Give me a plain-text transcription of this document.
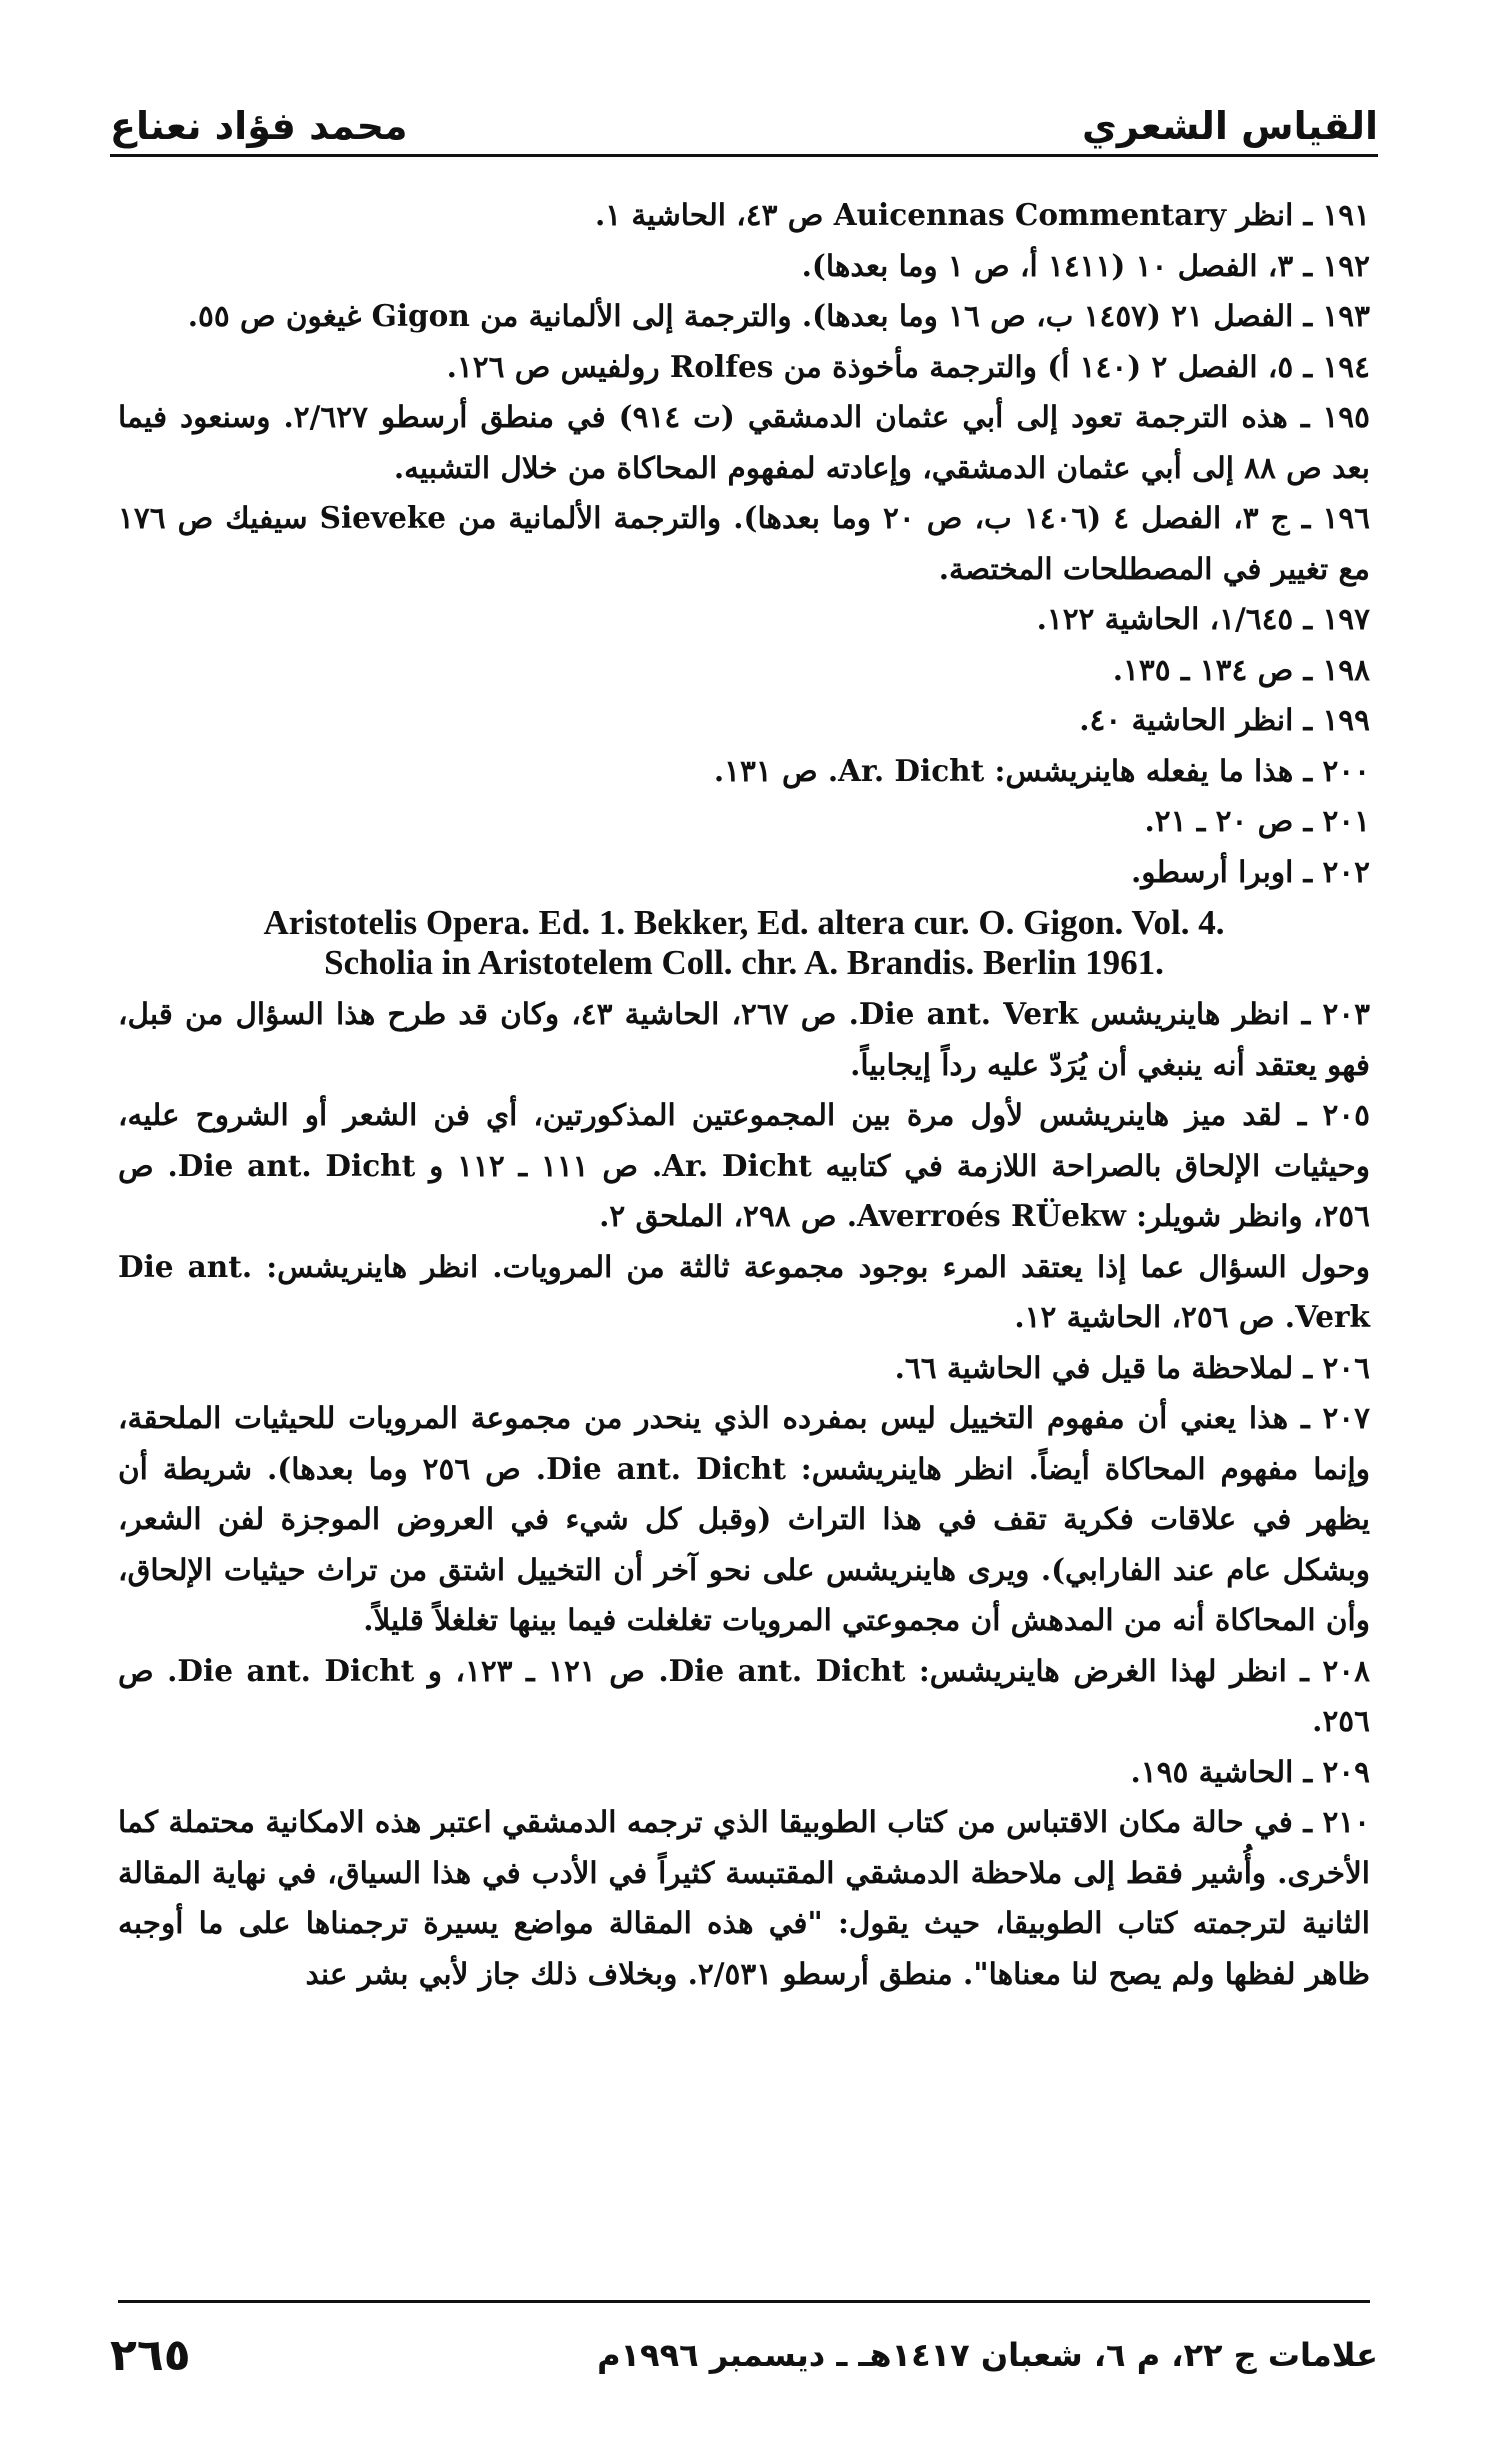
القياس الشعري
محمد فؤاد نعناع

١٩١ ـ انظر Auicennas Commentary ص ٤٣، الحاشية ١.

١٩٢ ـ ٣، الفصل ١٠ (١٤١١ أ، ص ١ وما بعدها).

١٩٣ ـ الفصل ٢١ (١٤٥٧ ب، ص ١٦ وما بعدها). والترجمة إلى الألمانية من Gigon غيغون ص ٥٥.

١٩٤ ـ ٥، الفصل ٢ (١٤٠ أ) والترجمة مأخوذة من Rolfes رولفيس ص ١٢٦.

١٩٥ ـ هذه الترجمة تعود إلى أبي عثمان الدمشقي (ت ٩١٤) في منطق أرسطو ٢/٦٢٧. وسنعود فيما بعد ص ٨٨ إلى أبي عثمان الدمشقي، وإعادته لمفهوم المحاكاة من خلال التشبيه.

١٩٦ ـ ج ٣، الفصل ٤ (١٤٠٦ ب، ص ٢٠ وما بعدها). والترجمة الألمانية من Sieveke سيفيك ص ١٧٦ مع تغيير في المصطلحات المختصة.

١٩٧ ـ ١/٦٤٥، الحاشية ١٢٢.

١٩٨ ـ ص ١٣٤ ـ ١٣٥.

١٩٩ ـ انظر الحاشية ٤٠.

٢٠٠ ـ هذا ما يفعله هاينريشس: Ar. Dicht. ص ١٣١.

٢٠١ ـ ص ٢٠ ـ ٢١.

٢٠٢ ـ اوبرا أرسطو.

Aristotelis Opera. Ed. 1. Bekker, Ed. altera cur. O. Gigon. Vol. 4.
Scholia in Aristotelem Coll. chr. A. Brandis. Berlin 1961.

٢٠٣ ـ انظر هاينريشس Die ant. Verk. ص ٢٦٧، الحاشية ٤٣، وكان قد طرح هذا السؤال من قبل، فهو يعتقد أنه ينبغي أن يُرَدّ عليه رداً إيجابياً.

٢٠٥ ـ لقد ميز هاينريشس لأول مرة بين المجموعتين المذكورتين، أي فن الشعر أو الشروح عليه، وحيثيات الإلحاق بالصراحة اللازمة في كتابيه Ar. Dicht. ص ١١١ ـ ١١٢ و Die ant. Dicht. ص ٢٥٦، وانظر شويلر: Averroés RÜekw. ص ٢٩٨، الملحق ٢.

وحول السؤال عما إذا يعتقد المرء بوجود مجموعة ثالثة من المرويات. انظر هاينريشس: Die ant. Verk. ص ٢٥٦، الحاشية ١٢.

٢٠٦ ـ لملاحظة ما قيل في الحاشية ٦٦.

٢٠٧ ـ هذا يعني أن مفهوم التخييل ليس بمفرده الذي ينحدر من مجموعة المرويات للحيثيات الملحقة، وإنما مفهوم المحاكاة أيضاً. انظر هاينريشس: Die ant. Dicht. ص ٢٥٦ وما بعدها). شريطة أن يظهر في علاقات فكرية تقف في هذا التراث (وقبل كل شيء في العروض الموجزة لفن الشعر، وبشكل عام عند الفارابي). ويرى هاينريشس على نحو آخر أن التخييل اشتق من تراث حيثيات الإلحاق، وأن المحاكاة أنه من المدهش أن مجموعتي المرويات تغلغلت فيما بينها تغلغلاً قليلاً.

٢٠٨ ـ انظر لهذا الغرض هاينريشس: Die ant. Dicht. ص ١٢١ ـ ١٢٣، و Die ant. Dicht. ص ٢٥٦.

٢٠٩ ـ الحاشية ١٩٥.

٢١٠ ـ في حالة مكان الاقتباس من كتاب الطوبيقا الذي ترجمه الدمشقي اعتبر هذه الامكانية محتملة كما الأخرى. وأُشير فقط إلى ملاحظة الدمشقي المقتبسة كثيراً في الأدب في هذا السياق، في نهاية المقالة الثانية لترجمته كتاب الطوبيقا، حيث يقول: "في هذه المقالة مواضع يسيرة ترجمناها على ما أوجبه ظاهر لفظها ولم يصح لنا معناها". منطق أرسطو ٢/٥٣١. وبخلاف ذلك جاز لأبي بشر عند

علامات ج ٢٢، م ٦، شعبان ١٤١٧هـ ـ ديسمبر ١٩٩٦م
٢٦٥
